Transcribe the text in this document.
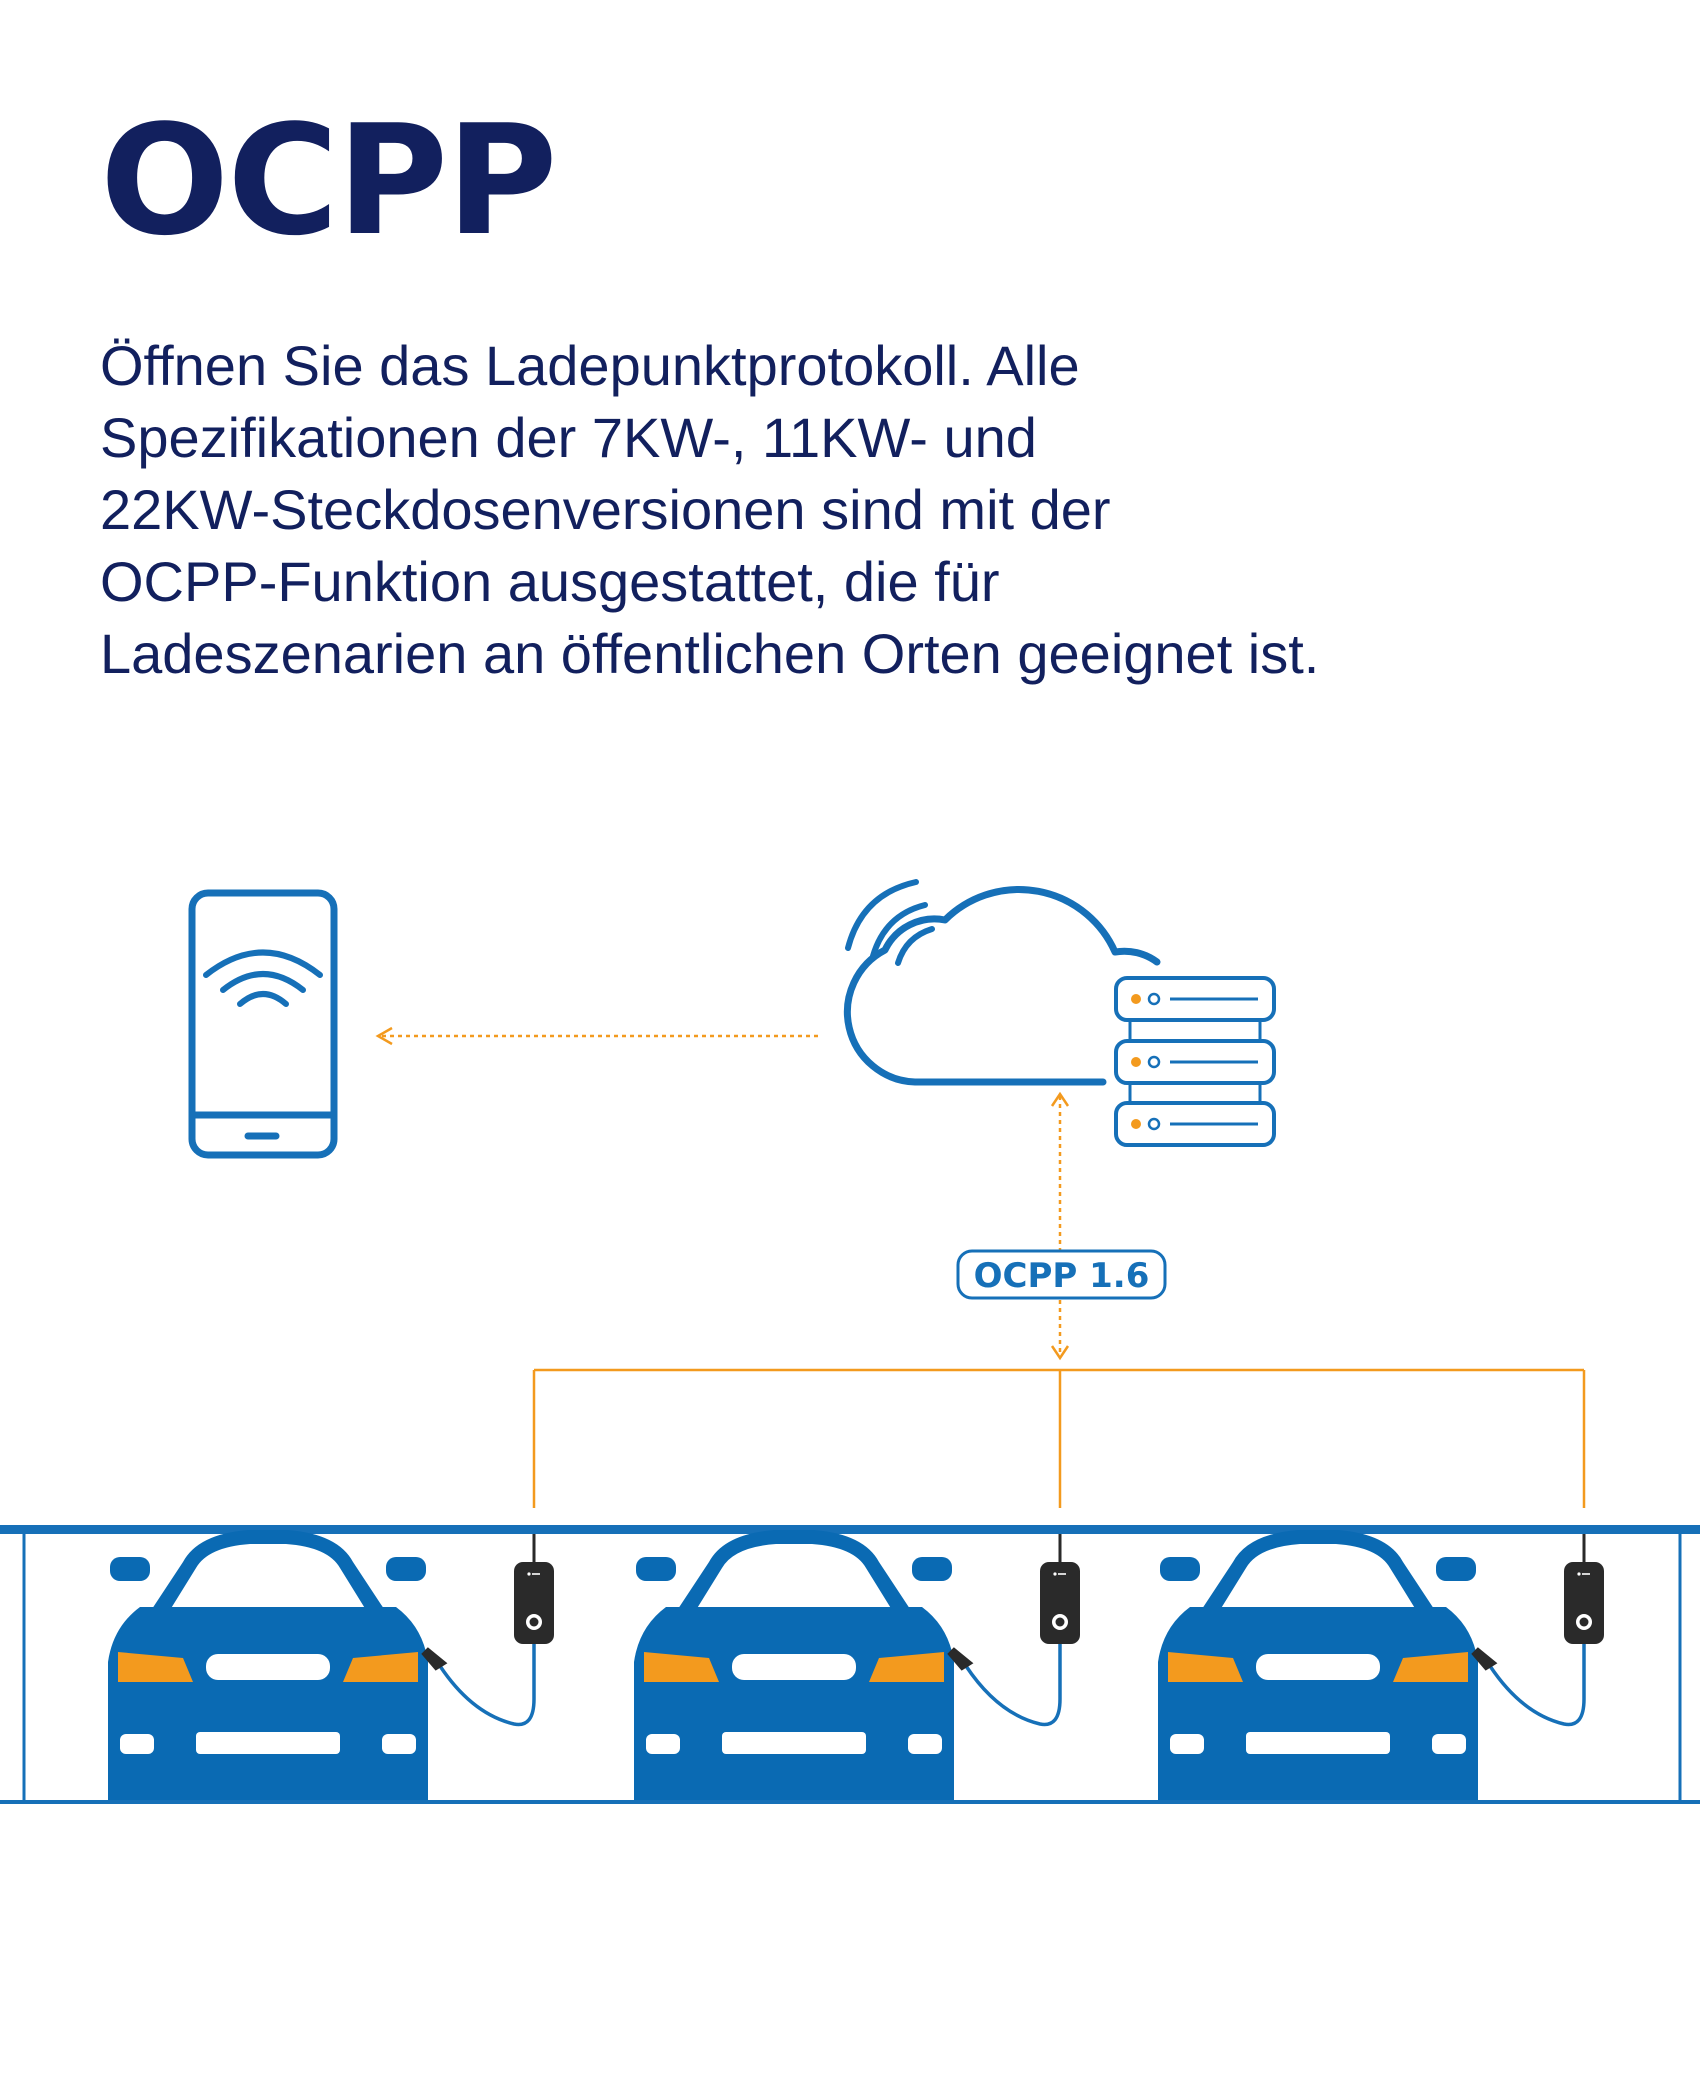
OCPP
Öffnen Sie das Ladepunktprotokoll. Alle
Spezifikationen der 7KW-, 11KW- und
22KW-Steckdosenversionen sind mit der
OCPP-Funktion ausgestattet, die für
Ladeszenarien an öffentlichen Orten geeignet ist.
OCPP 1.6
